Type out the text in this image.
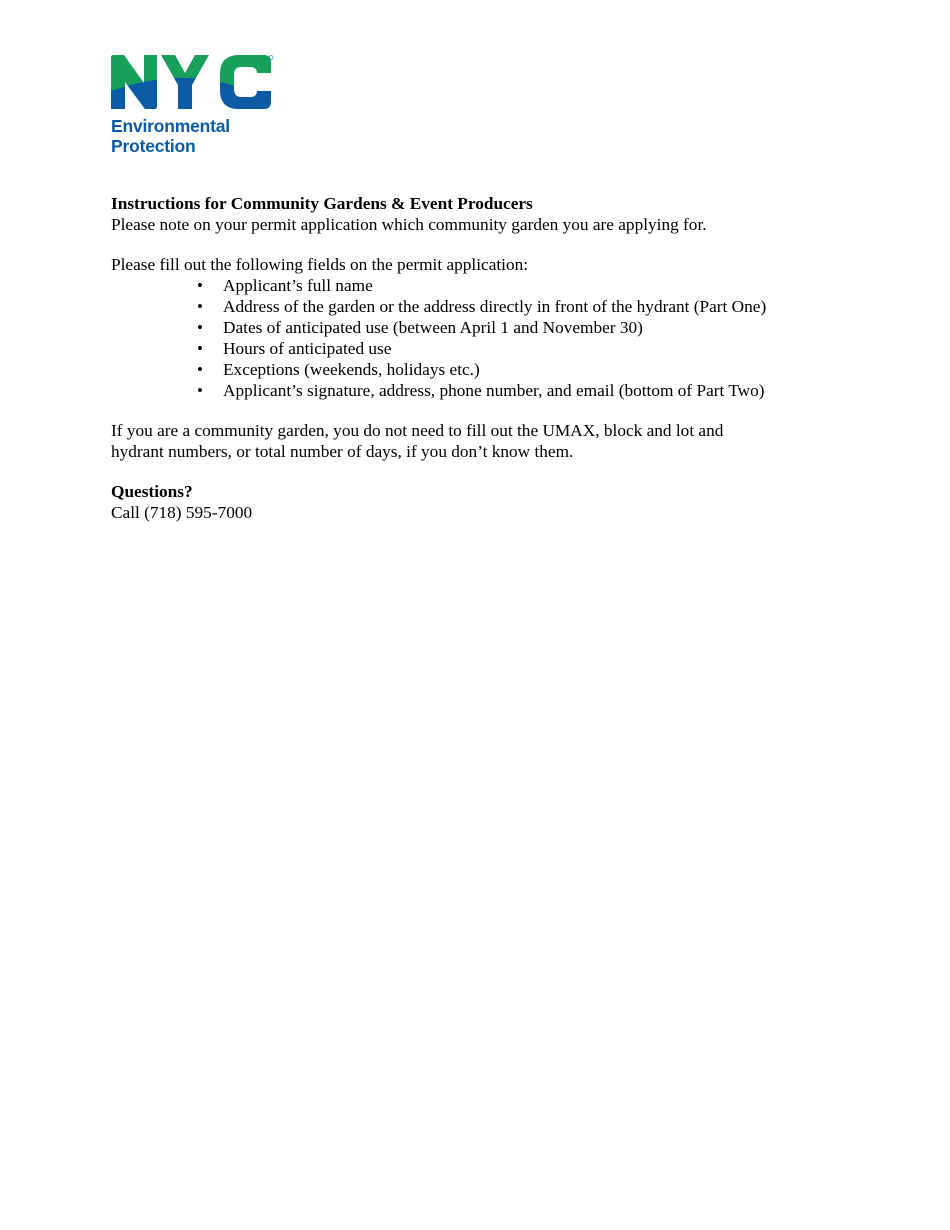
Environmental
Protection

Instructions for Community Gardens & Event Producers

Please note on your permit application which community garden you are applying for.

Please fill out the following fields on the permit application:

• Applicant’s full name
• Address of the garden or the address directly in front of the hydrant (Part One)
• Dates of anticipated use (between April 1 and November 30)
• Hours of anticipated use
• Exceptions (weekends, holidays etc.)
• Applicant’s signature, address, phone number, and email (bottom of Part Two)

If you are a community garden, you do not need to fill out the UMAX, block and lot and

hydrant numbers, or total number of days, if you don’t know them.

Questions?

Call (718) 595-7000
